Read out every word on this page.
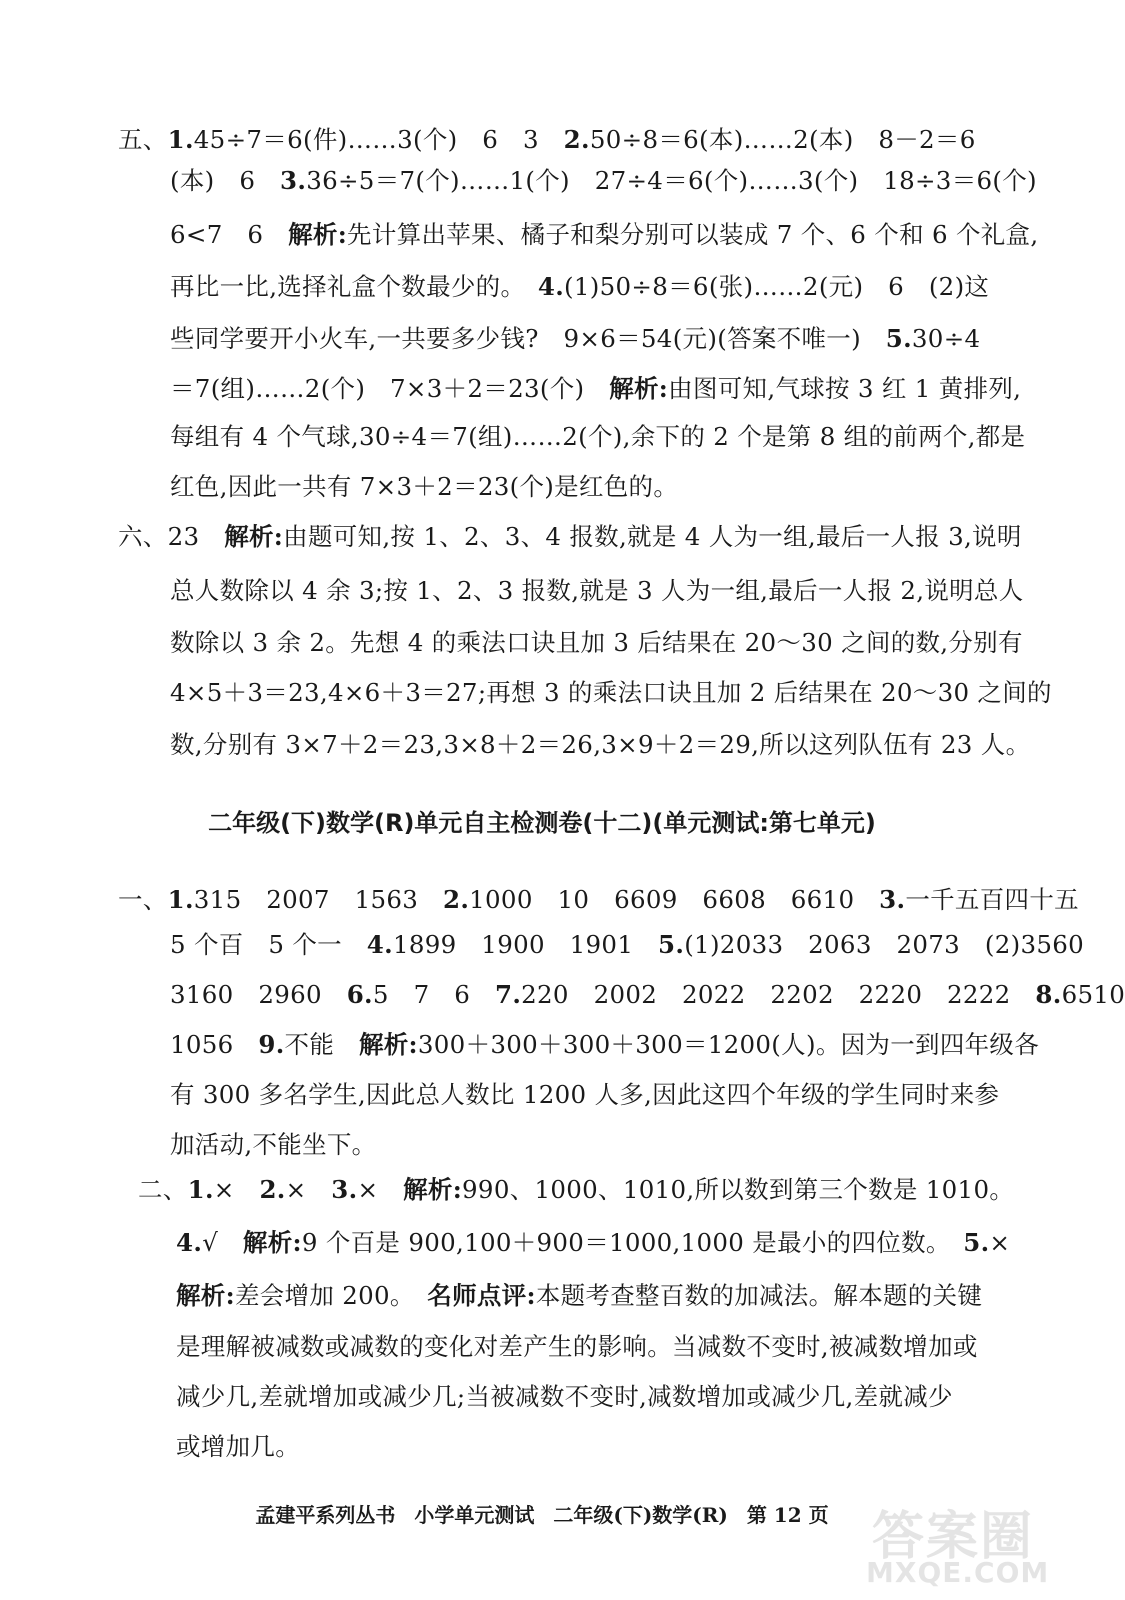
五、1.45÷7＝6(件)……3(个)　6　3　2.50÷8＝6(本)……2(本)　8－2＝6
(本)　6　3.36÷5＝7(个)……1(个)　27÷4＝6(个)……3(个)　18÷3＝6(个)
6<7　6　解析:先计算出苹果、橘子和梨分别可以装成 7 个、6 个和 6 个礼盒,
再比一比,选择礼盒个数最少的。　4.(1)50÷8＝6(张)……2(元)　6　(2)这
些同学要开小火车,一共要多少钱?　9×6＝54(元)(答案不唯一)　5.30÷4
＝7(组)……2(个)　7×3＋2＝23(个)　解析:由图可知,气球按 3 红 1 黄排列,
每组有 4 个气球,30÷4＝7(组)……2(个),余下的 2 个是第 8 组的前两个,都是
红色,因此一共有 7×3＋2＝23(个)是红色的。
六、23　解析:由题可知,按 1、2、3、4 报数,就是 4 人为一组,最后一人报 3,说明
总人数除以 4 余 3;按 1、2、3 报数,就是 3 人为一组,最后一人报 2,说明总人
数除以 3 余 2。先想 4 的乘法口诀且加 3 后结果在 20～30 之间的数,分别有
4×5＋3＝23,4×6＋3＝27;再想 3 的乘法口诀且加 2 后结果在 20～30 之间的
数,分别有 3×7＋2＝23,3×8＋2＝26,3×9＋2＝29,所以这列队伍有 23 人。
二年级(下)数学(R)单元自主检测卷(十二)(单元测试:第七单元)
一、1.315　2007　1563　2.1000　10　6609　6608　6610　3.一千五百四十五
5 个百　5 个一　4.1899　1900　1901　5.(1)2033　2063　2073　(2)3560
3160　2960　6.5　7　6　7.220　2002　2022　2202　2220　2222　8.6510
1056　9.不能　解析:300＋300＋300＋300＝1200(人)。因为一到四年级各
有 300 多名学生,因此总人数比 1200 人多,因此这四个年级的学生同时来参
加活动,不能坐下。
二、1.×　2.×　3.×　解析:990、1000、1010,所以数到第三个数是 1010。
4.√　解析:9 个百是 900,100＋900＝1000,1000 是最小的四位数。　5.×
解析:差会增加 200。　名师点评:本题考查整百数的加减法。解本题的关键
是理解被减数或减数的变化对差产生的影响。当减数不变时,被减数增加或
减少几,差就增加或减少几;当被减数不变时,减数增加或减少几,差就减少
或增加几。
孟建平系列丛书 小学单元测试 二年级(下)数学(R) 第 12 页 答案圈
MXQE.COM
